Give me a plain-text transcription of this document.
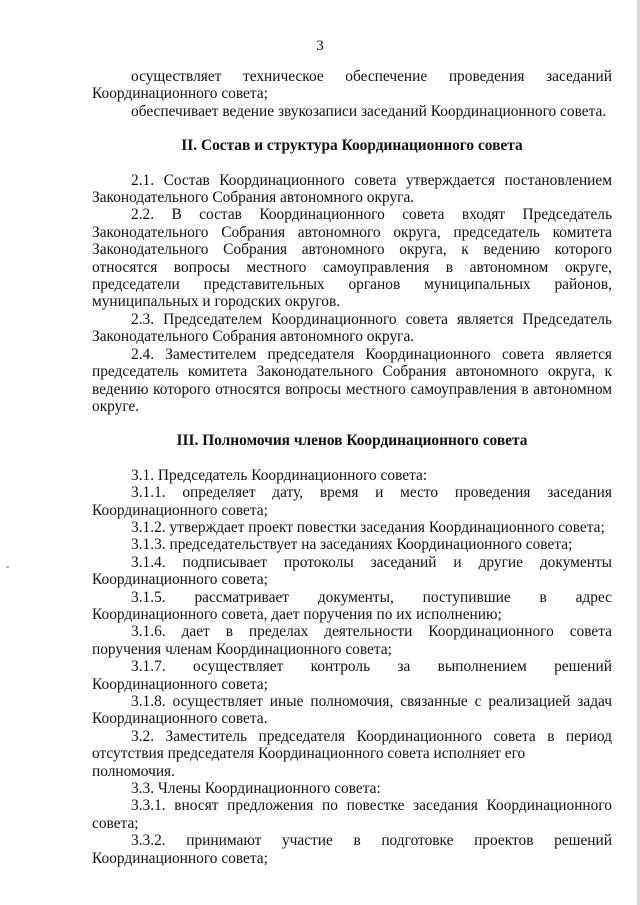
3

осуществляет техническое обеспечение проведения заседаний

Координационного совета;

обеспечивает ведение звукозаписи заседаний Координационного совета.

II. Состав и структура Координационного совета

2.1. Состав Координационного совета утверждается постановлением

Законодательного Собрания автономного округа.

2.2. В состав Координационного совета входят Председатель

Законодательного Собрания автономного округа, председатель комитета

Законодательного Собрания автономного округа, к ведению которого

относятся вопросы местного самоуправления в автономном округе,

председатели представительных органов муниципальных районов,

муниципальных и городских округов.

2.3. Председателем Координационного совета является Председатель

Законодательного Собрания автономного округа.

2.4. Заместителем председателя Координационного совета является

председатель комитета Законодательного Собрания автономного округа, к

ведению которого относятся вопросы местного самоуправления в автономном

округе.

III. Полномочия членов Координационного совета

3.1. Председатель Координационного совета:

3.1.1. определяет дату, время и место проведения заседания

Координационного совета;

3.1.2. утверждает проект повестки заседания Координационного совета;

3.1.3. председательствует на заседаниях Координационного совета;

3.1.4. подписывает протоколы заседаний и другие документы

Координационного совета;

3.1.5. рассматривает документы, поступившие в адрес

Координационного совета, дает поручения по их исполнению;

3.1.6. дает в пределах деятельности Координационного совета

поручения членам Координационного совета;

3.1.7. осуществляет контроль за выполнением решений

Координационного совета;

3.1.8. осуществляет иные полномочия, связанные с реализацией задач

Координационного совета.

3.2. Заместитель председателя Координационного совета в период

отсутствия председателя Координационного совета исполняет его полномочия.

3.3. Члены Координационного совета:

3.3.1. вносят предложения по повестке заседания Координационного

совета;

3.3.2. принимают участие в подготовке проектов решений

Координационного совета;
